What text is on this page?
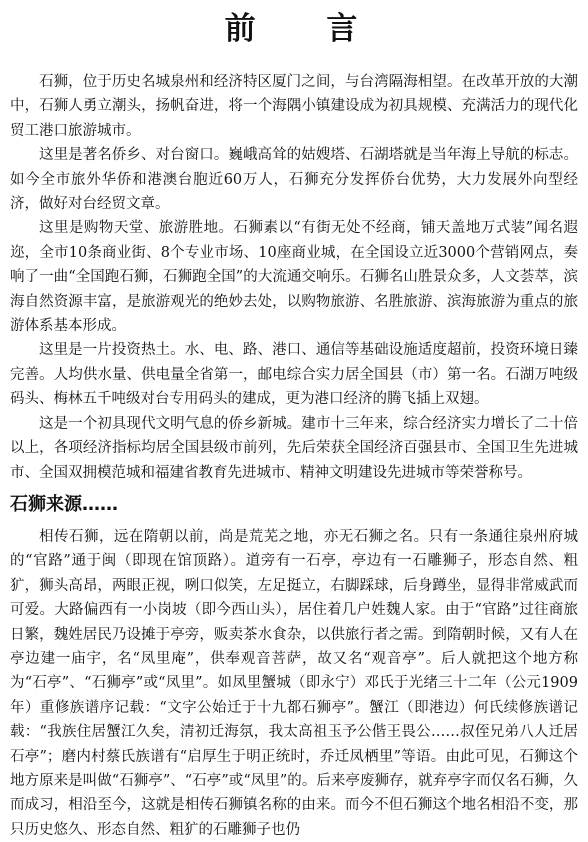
前 言

石狮，位于历史名城泉州和经济特区厦门之间，与台湾隔海相望。在改革开放的大潮中，石狮人勇立潮头，扬帆奋进，将一个海隅小镇建设成为初具规模、充满活力的现代化贸工港口旅游城市。

这里是著名侨乡、对台窗口。巍峨高耸的姑嫂塔、石湖塔就是当年海上导航的标志。如今全市旅外华侨和港澳台胞近60万人，石狮充分发挥侨台优势，大力发展外向型经济，做好对台经贸文章。

这里是购物天堂、旅游胜地。石狮素以“有街无处不经商，铺天盖地万式装”闻名遐迩，全市10条商业街、8个专业市场、10座商业城，在全国设立近3000个营销网点，奏响了一曲“全国跑石狮，石狮跑全国”的大流通交响乐。石狮名山胜景众多，人文荟萃，滨海自然资源丰富，是旅游观光的绝妙去处，以购物旅游、名胜旅游、滨海旅游为重点的旅游体系基本形成。

这里是一片投资热土。水、电、路、港口、通信等基础设施适度超前，投资环境日臻完善。人均供水量、供电量全省第一，邮电综合实力居全国县（市）第一名。石湖万吨级码头、梅林五千吨级对台专用码头的建成，更为港口经济的腾飞插上双翅。

这是一个初具现代文明气息的侨乡新城。建市十三年来，综合经济实力增长了二十倍以上，各项经济指标均居全国县级市前列，先后荣获全国经济百强县市、全国卫生先进城市、全国双拥模范城和福建省教育先进城市、精神文明建设先进城市等荣誉称号。

石狮来源……

相传石狮，远在隋朝以前，尚是荒芜之地，亦无石狮之名。只有一条通往泉州府城的“官路”通于闽（即现在馆顶路）。道旁有一石亭，亭边有一石雕狮子，形态自然、粗犷，狮头高昂，两眼正视，咧口似笑，左足挺立，右脚踩球，后身蹲坐，显得非常威武而可爱。大路偏西有一小岗坡（即今西山头），居住着几户姓魏人家。由于“官路”过往商旅日繁，魏姓居民乃设摊于亭旁，贩卖茶水食杂，以供旅行者之需。到隋朝时候，又有人在亭边建一庙宇，名“凤里庵”，供奉观音菩萨，故又名“观音亭”。后人就把这个地方称为“石亭”、“石狮亭”或“凤里”。如凤里蟹城（即永宁）邓氏于光绪三十二年（公元1909年）重修族谱序记载：“文字公始迁于十九都石狮亭”。蟹江（即港边）何氏续修族谱记载：“我族住居蟹江久矣，清初迁海氛，我太高祖玉予公偕王畏公……叔侄兄弟八人迁居石亭”；磨内村蔡氏族谱有“启厚生于明正统时，乔迁凤栖里”等语。由此可见，石狮这个地方原来是叫做“石狮亭”、“石亭”或“凤里”的。后来亭废狮存，就弃亭字而仅名石狮，久而成习，相沿至今，这就是相传石狮镇名称的由来。而今不但石狮这个地名相沿不变，那只历史悠久、形态自然、粗犷的石雕狮子也仍
